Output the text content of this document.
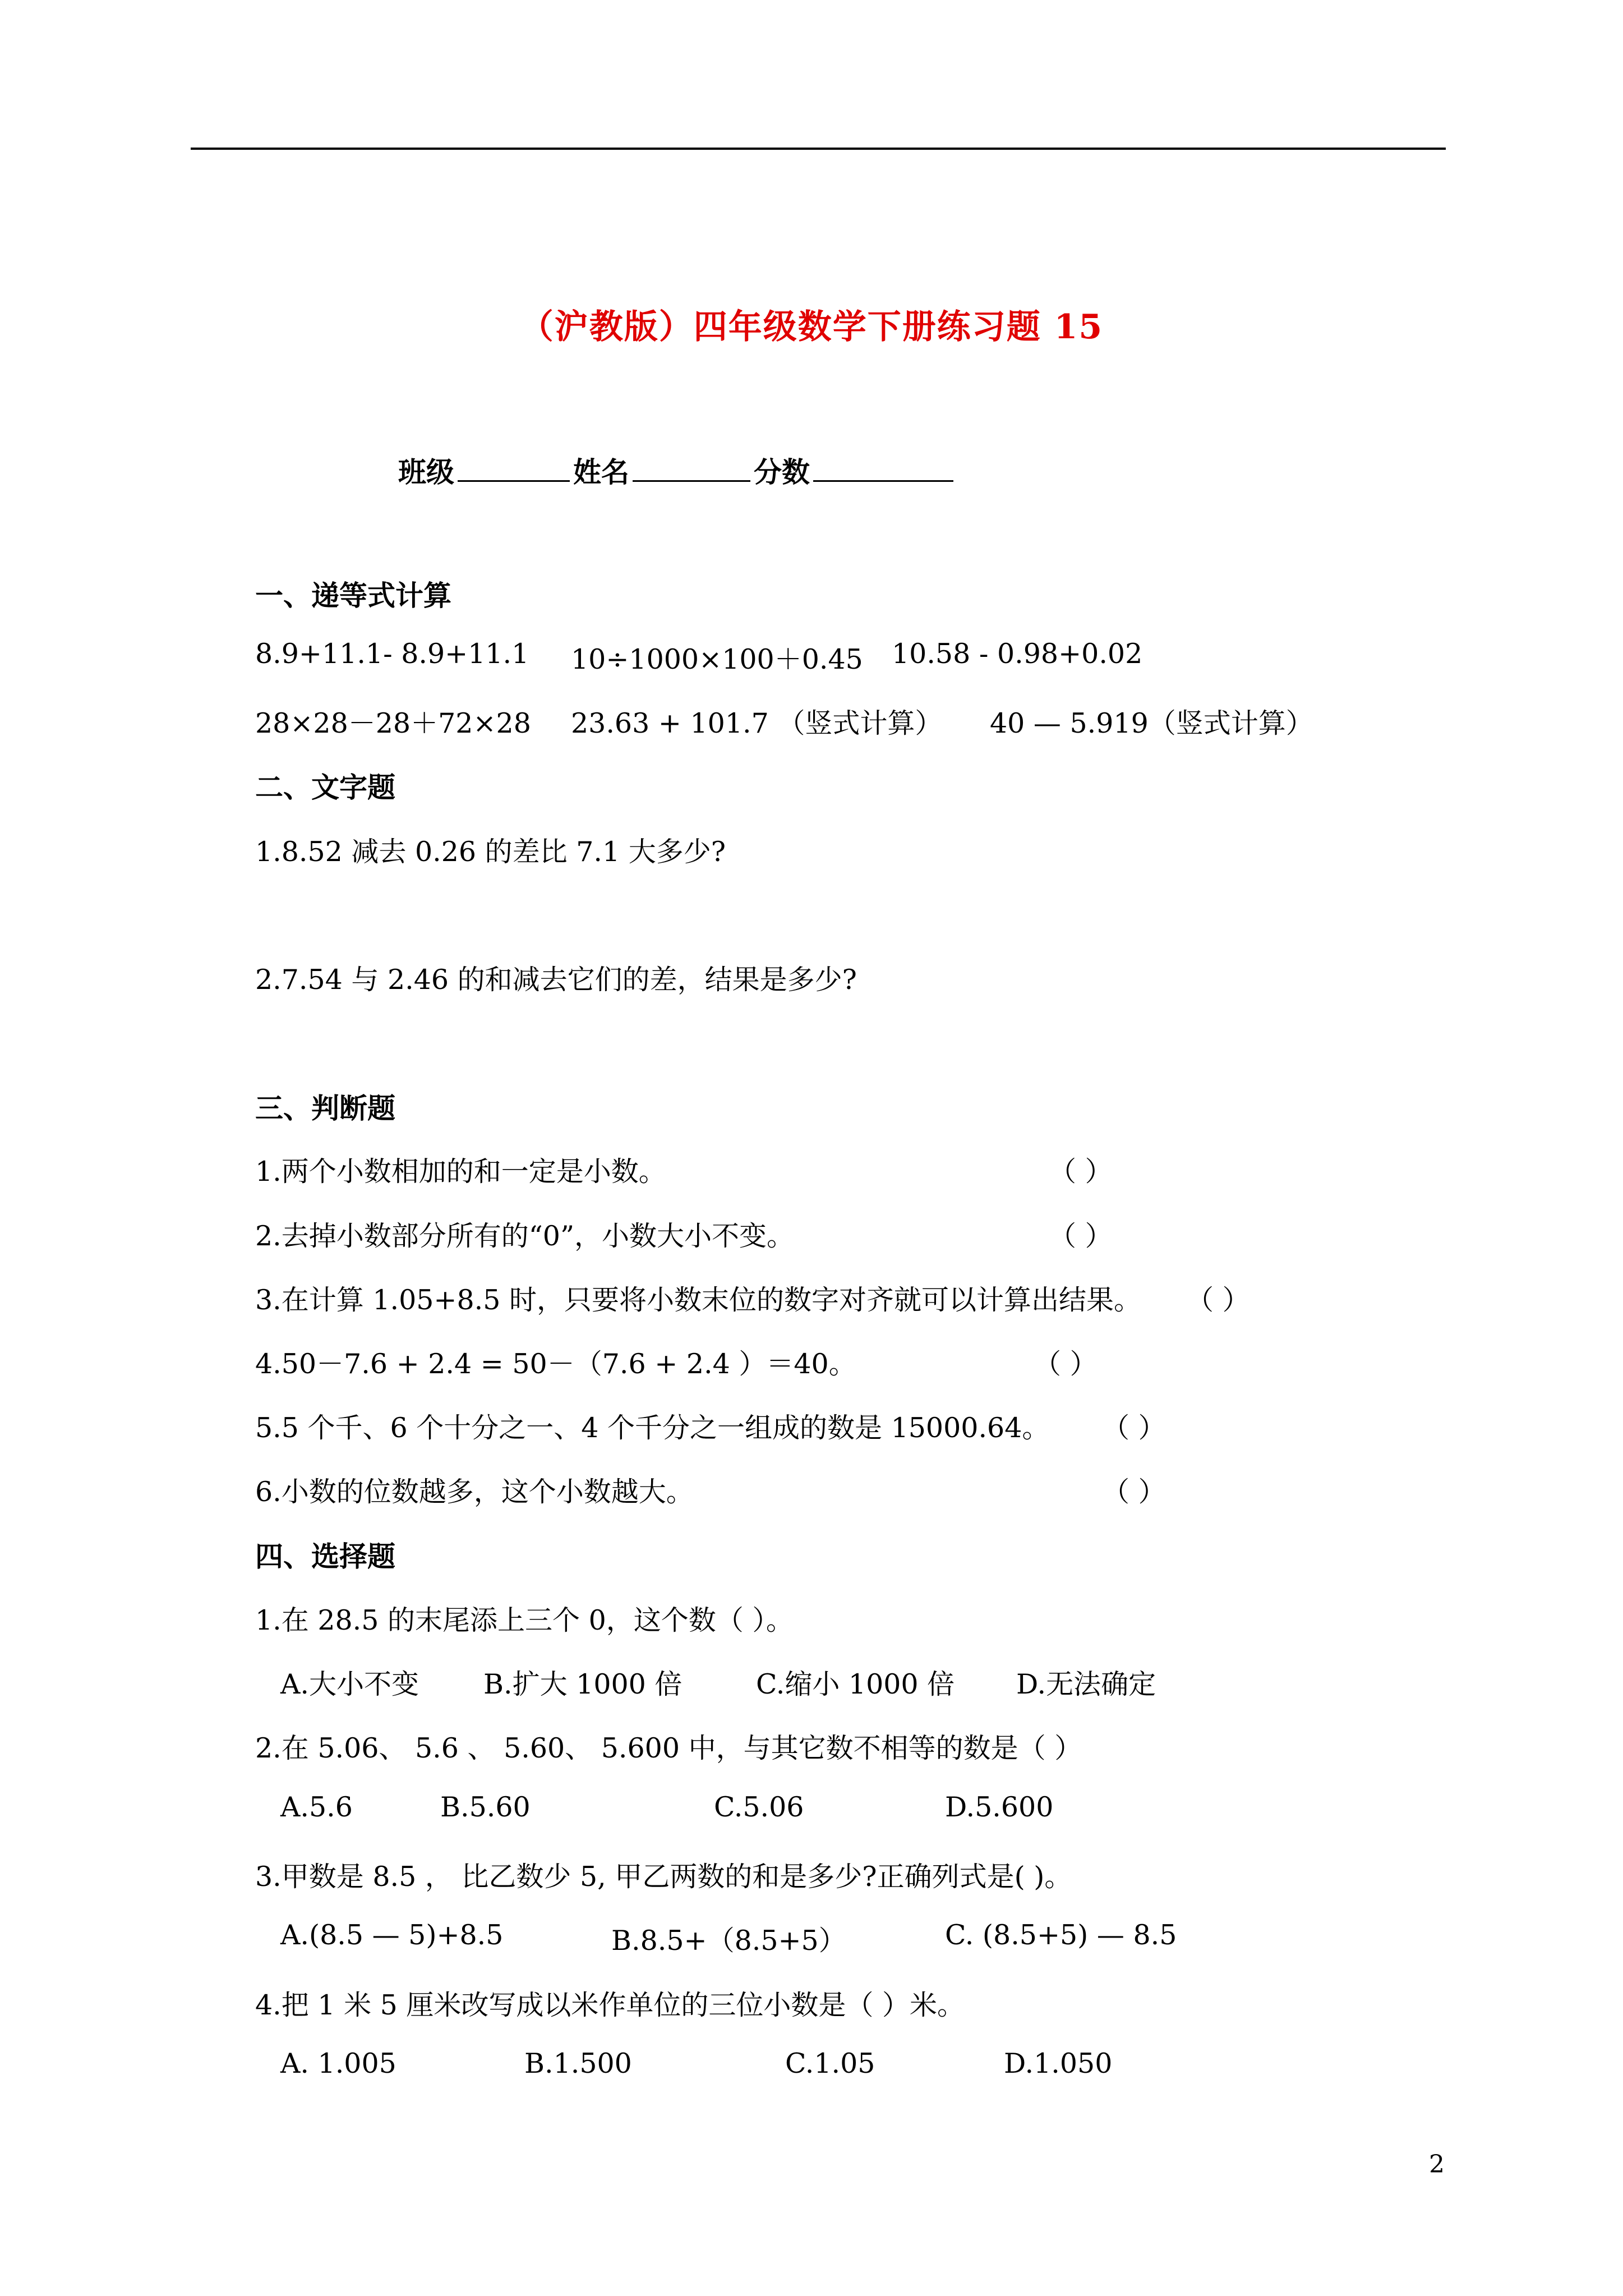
（沪教版）四年级数学下册练习题 15
班级	姓名	分数
一、递等式计算
8.9+11.1- 8.9+11.1 10÷1000×100＋0.45 10.58 - 0.98+0.02
28×28－28＋72×28 23.63 + 101.7 （竖式计算） 40 — 5.919（竖式计算）
二、文字题
1.8.52 减去 0.26 的差比 7.1 大多少?
2.7.54 与 2.46 的和减去它们的差，结果是多少?
三、判断题
1.两个小数相加的和一定是小数。	（ ）
2.去掉小数部分所有的“0”，小数大小不变。	（ ）
3.在计算 1.05+8.5 时，只要将小数末位的数字对齐就可以计算出结果。 （ ）
4.50－7.6 + 2.4 = 50－（7.6 + 2.4 ）＝40。	（ ）
5.5 个千、6 个十分之一、4 个千分之一组成的数是 15000.64。 （ ）
6.小数的位数越多，这个小数越大。	（ ）
四、选择题
1.在 28.5 的末尾添上三个 0，这个数（ ）。
A.大小不变 B.扩大 1000 倍	C.缩小 1000 倍 D.无法确定
2.在 5.06、 5.6 、 5.60、 5.600 中，与其它数不相等的数是（ ）
A.5.6	B.5.60	C.5.06	D.5.600
3.甲数是 8.5 ， 比乙数少 5, 甲乙两数的和是多少?正确列式是( )。
A.(8.5 — 5)+8.5	B.8.5+（8.5+5）	C. (8.5+5) — 8.5
4.把 1 米 5 厘米改写成以米作单位的三位小数是（ ）米。
A. 1.005	B.1.500	C.1.05	D.1.050
2
